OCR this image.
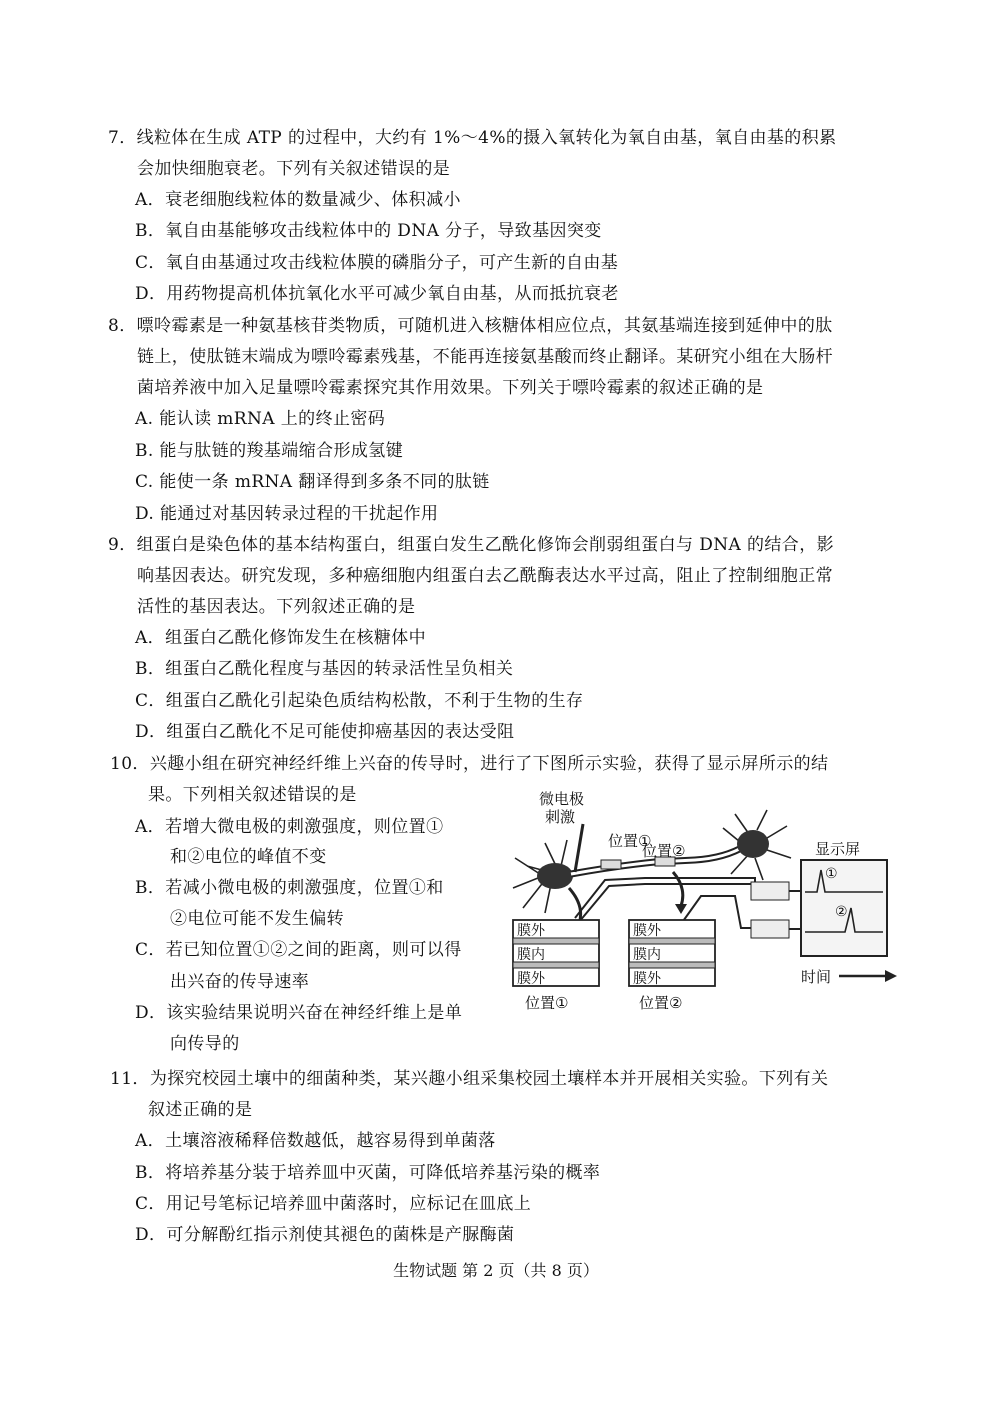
7．线粒体在生成 ATP 的过程中，大约有 1%～4%的摄入氧转化为氧自由基，氧自由基的积累
会加快细胞衰老。下列有关叙述错误的是
A．衰老细胞线粒体的数量减少、体积减小
B．氧自由基能够攻击线粒体中的 DNA 分子，导致基因突变
C．氧自由基通过攻击线粒体膜的磷脂分子，可产生新的自由基
D．用药物提高机体抗氧化水平可减少氧自由基，从而抵抗衰老
8．嘌呤霉素是一种氨基核苷类物质，可随机进入核糖体相应位点，其氨基端连接到延伸中的肽
链上，使肽链末端成为嘌呤霉素残基，不能再连接氨基酸而终止翻译。某研究小组在大肠杆
菌培养液中加入足量嘌呤霉素探究其作用效果。下列关于嘌呤霉素的叙述正确的是
A. 能认读 mRNA 上的终止密码
B. 能与肽链的羧基端缩合形成氢键
C. 能使一条 mRNA 翻译得到多条不同的肽链
D. 能通过对基因转录过程的干扰起作用
9．组蛋白是染色体的基本结构蛋白，组蛋白发生乙酰化修饰会削弱组蛋白与 DNA 的结合，影
响基因表达。研究发现，多种癌细胞内组蛋白去乙酰酶表达水平过高，阻止了控制细胞正常
活性的基因表达。下列叙述正确的是
A．组蛋白乙酰化修饰发生在核糖体中
B．组蛋白乙酰化程度与基因的转录活性呈负相关
C．组蛋白乙酰化引起染色质结构松散，不利于生物的生存
D．组蛋白乙酰化不足可能使抑癌基因的表达受阻
10．兴趣小组在研究神经纤维上兴奋的传导时，进行了下图所示实验，获得了显示屏所示的结
果。下列相关叙述错误的是
A．若增大微电极的刺激强度，则位置①
和②电位的峰值不变
B．若减小微电极的刺激强度，位置①和
②电位可能不发生偏转
C．若已知位置①②之间的距离，则可以得
出兴奋的传导速率
D．该实验结果说明兴奋在神经纤维上是单
向传导的
微电极
刺激
位置①
位置②	显示屏
①
②
膜外
膜内
膜外
位置①
膜外
膜内
膜外
位置②
时间
11．为探究校园土壤中的细菌种类，某兴趣小组采集校园土壤样本并开展相关实验。下列有关
叙述正确的是
A．土壤溶液稀释倍数越低，越容易得到单菌落
B．将培养基分装于培养皿中灭菌，可降低培养基污染的概率
C．用记号笔标记培养皿中菌落时，应标记在皿底上
D．可分解酚红指示剂使其褪色的菌株是产脲酶菌
生物试题 第 2 页（共 8 页）
